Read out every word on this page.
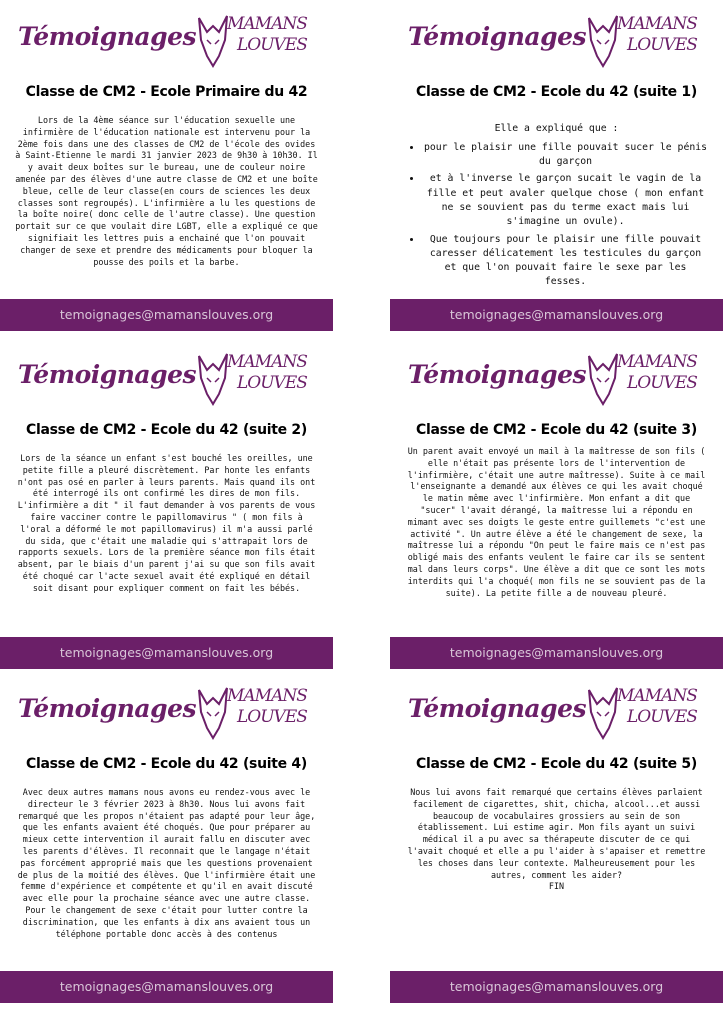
Témoignages MAMANS
LOUVES
Classe de CM2 - Ecole Primaire du 42

Lors de la 4ème séance sur l'éducation sexuelle une infirmière de l'éducation nationale est intervenu pour la 2ème fois dans une des classes de CM2 de l'école des ovides à Saint-Etienne le mardi 31 janvier 2023 de 9h30 à 10h30. Il y avait deux boîtes sur le bureau, une de couleur noire amenée par des élèves d'une autre classe de CM2 et une boîte bleue, celle de leur classe(en cours de sciences les deux classes sont regroupés). L'infirmière a lu les questions de la boîte noire( donc celle de l'autre classe). Une question portait sur ce que voulait dire LGBT, elle a expliqué ce que signifiait les lettres puis a enchainé que l'on pouvait changer de sexe et prendre des médicaments pour bloquer la pousse des poils et la barbe.

temoignages@mamanslouves.org
Témoignages MAMANS
LOUVES
Classe de CM2 - Ecole du 42 (suite 1)

Elle a expliqué que :

• pour le plaisir une fille pouvait sucer le pénis du garçon
• et à l'inverse le garçon sucait le vagin de la fille et peut avaler quelque chose ( mon enfant ne se souvient pas du terme exact mais lui s'imagine un ovule).
• Que toujours pour le plaisir une fille pouvait caresser délicatement les testicules du garçon et que l'on pouvait faire le sexe par les fesses.
temoignages@mamanslouves.org
Témoignages MAMANS
LOUVES
Classe de CM2 - Ecole du 42 (suite 2)

Lors de la séance un enfant s'est bouché les oreilles, une petite fille a pleuré discrètement. Par honte les enfants n'ont pas osé en parler à leurs parents. Mais quand ils ont été interrogé ils ont confirmé les dires de mon fils. L'infirmière a dit " il faut demander à vos parents de vous faire vacciner contre le papillomavirus " ( mon fils à l'oral a déformé le mot papillomavirus) il m'a aussi parlé du sida, que c'était une maladie qui s'attrapait lors de rapports sexuels. Lors de la première séance mon fils était absent, par le biais d'un parent j'ai su que son fils avait été choqué car l'acte sexuel avait été expliqué en détail soit disant pour expliquer comment on fait les bébés.

temoignages@mamanslouves.org
Témoignages MAMANS
LOUVES
Classe de CM2 - Ecole du 42 (suite 3)

Un parent avait envoyé un mail à la maîtresse de son fils ( elle n'était pas présente lors de l'intervention de l'infirmière, c'était une autre maîtresse). Suite à ce mail l'enseignante a demandé aux élèves ce qui les avait choqué le matin même avec l'infirmière. Mon enfant a dit que "sucer" l'avait dérangé, la maîtresse lui a répondu en mimant avec ses doigts le geste entre guillemets "c'est une activité ". Un autre élève a été le changement de sexe, la maîtresse lui a répondu "On peut le faire mais ce n'est pas obligé mais des enfants veulent le faire car ils se sentent mal dans leurs corps". Une élève a dit que ce sont les mots interdits qui l'a choqué( mon fils ne se souvient pas de la suite). La petite fille a de nouveau pleuré.

temoignages@mamanslouves.org
Témoignages MAMANS
LOUVES
Classe de CM2 - Ecole du 42 (suite 4)

Avec deux autres mamans nous avons eu rendez-vous avec le directeur le 3 février 2023 à 8h30. Nous lui avons fait remarqué que les propos n'étaient pas adapté pour leur âge, que les enfants avaient été choqués. Que pour préparer au mieux cette intervention il aurait fallu en discuter avec les parents d'élèves. Il reconnait que le langage n'était pas forcément approprié mais que les questions provenaient de plus de la moitié des élèves. Que l'infirmière était une femme d'expérience et compétente et qu'il en avait discuté avec elle pour la prochaine séance avec une autre classe. Pour le changement de sexe c'était pour lutter contre la discrimination, que les enfants à dix ans avaient tous un téléphone portable donc accès à des contenus

temoignages@mamanslouves.org
Témoignages MAMANS
LOUVES
Classe de CM2 - Ecole du 42 (suite 5)

Nous lui avons fait remarqué que certains élèves parlaient facilement de cigarettes, shit, chicha, alcool...et aussi beaucoup de vocabulaires grossiers au sein de son établissement. Lui estime agir. Mon fils ayant un suivi médical il a pu avec sa thérapeute discuter de ce qui l'avait choqué et elle a pu l'aider à s'apaiser et remettre les choses dans leur contexte. Malheureusement pour les autres, comment les aider?

FIN

temoignages@mamanslouves.org
